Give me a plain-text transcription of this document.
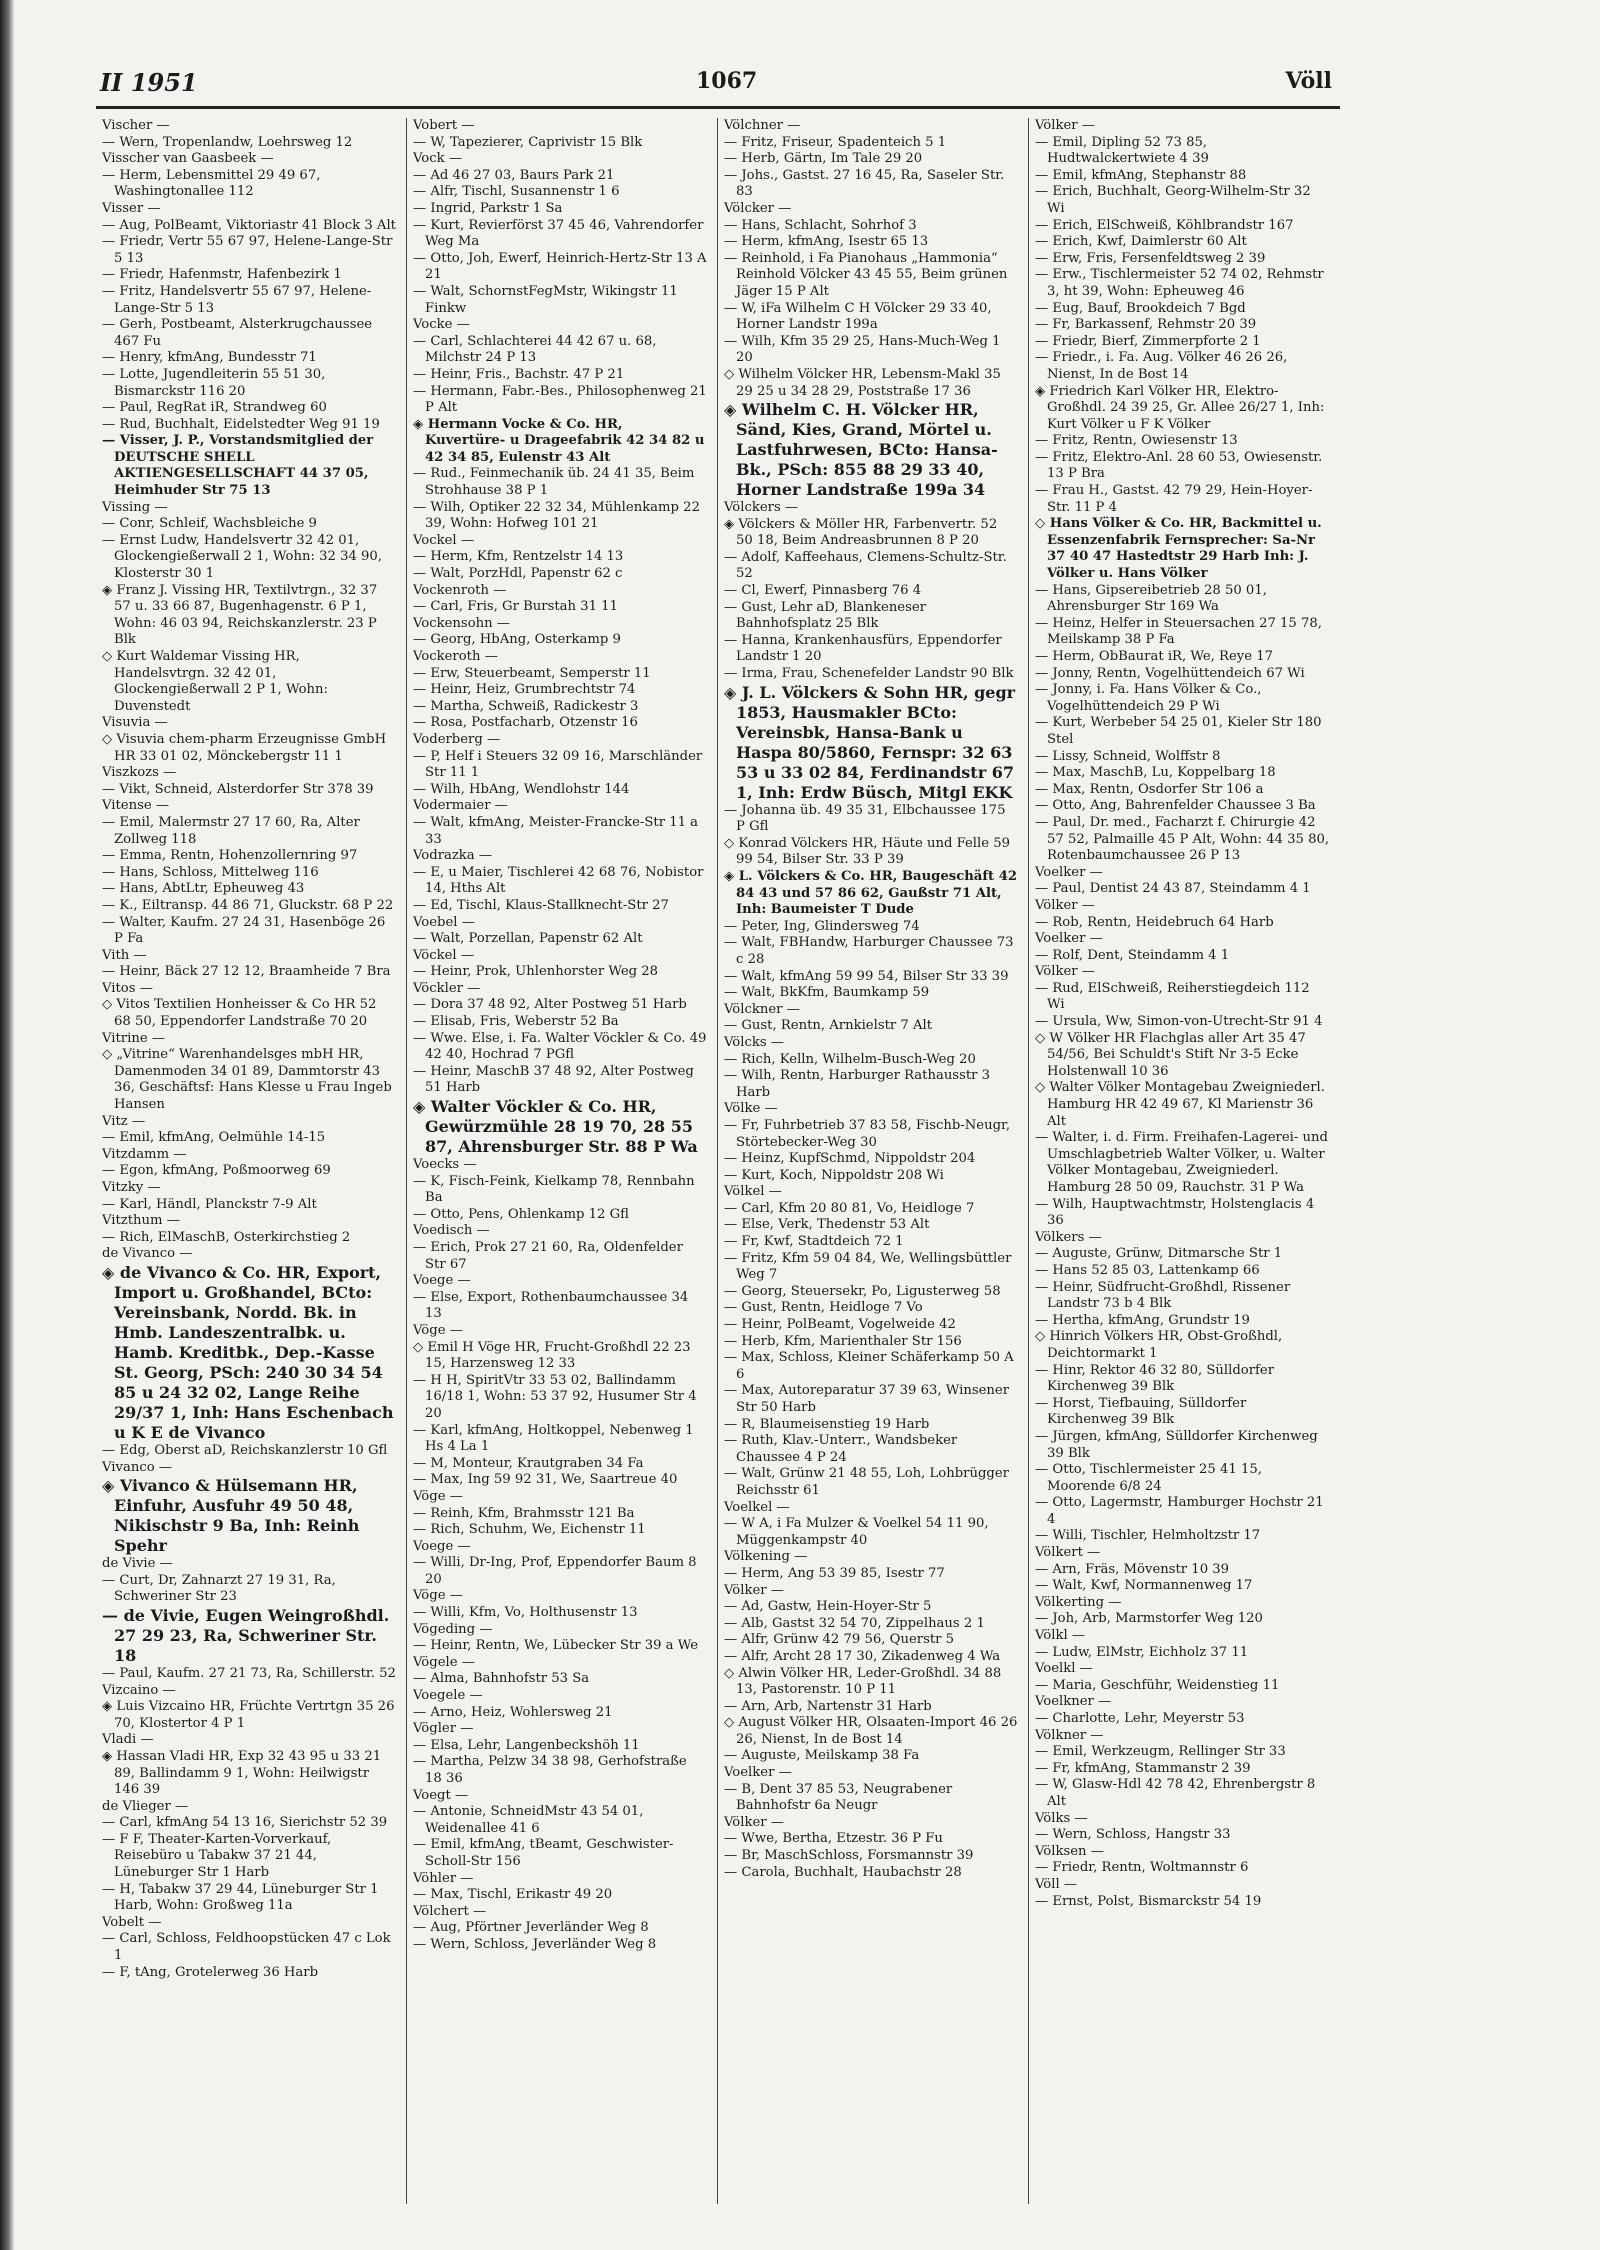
II 1951	1067	Völl

Vischer —

— Wern, Tropenlandw, Loehrsweg 12

Visscher van Gaasbeek —

— Herm, Lebensmittel 29 49 67, Washingtonallee 112

Visser —

— Aug, PolBeamt, Viktoriastr 41 Block 3 Alt

— Friedr, Vertr 55 67 97, Helene-Lange-Str 5 13

— Friedr, Hafenmstr, Hafenbezirk 1

— Fritz, Handelsvertr 55 67 97, Helene-Lange-Str 5 13

— Gerh, Postbeamt, Alsterkrugchaussee 467 Fu

— Henry, kfmAng, Bundesstr 71

— Lotte, Jugendleiterin 55 51 30, Bismarckstr 116 20

— Paul, RegRat iR, Strandweg 60

— Rud, Buchhalt, Eidelstedter Weg 91 19

— Visser, J. P., Vorstandsmitglied der DEUTSCHE SHELL AKTIENGESELLSCHAFT 44 37 05, Heimhuder Str 75 13

Vissing —

— Conr, Schleif, Wachsbleiche 9

— Ernst Ludw, Handelsvertr 32 42 01, Glockengießerwall 2 1, Wohn: 32 34 90, Klosterstr 30 1

◈ Franz J. Vissing HR, Textilvtrgn., 32 37 57 u. 33 66 87, Bugenhagenstr. 6 P 1, Wohn: 46 03 94, Reichskanzlerstr. 23 P Blk

◇ Kurt Waldemar Vissing HR, Handelsvtrgn. 32 42 01, Glockengießerwall 2 P 1, Wohn: Duvenstedt

Visuvia —

◇ Visuvia chem-pharm Erzeugnisse GmbH HR 33 01 02, Mönckebergstr 11 1

Viszkozs —

— Vikt, Schneid, Alsterdorfer Str 378 39

Vitense —

— Emil, Malermstr 27 17 60, Ra, Alter Zollweg 118

— Emma, Rentn, Hohenzollernring 97

— Hans, Schloss, Mittelweg 116

— Hans, AbtLtr, Epheuweg 43

— K., Eiltransp. 44 86 71, Gluckstr. 68 P 22

— Walter, Kaufm. 27 24 31, Hasenböge 26 P Fa

Vith —

— Heinr, Bäck 27 12 12, Braamheide 7 Bra

Vitos —

◇ Vitos Textilien Honheisser & Co HR 52 68 50, Eppendorfer Landstraße 70 20

Vitrine —

◇ „Vitrine“ Warenhandelsges mbH HR, Damenmoden 34 01 89, Dammtorstr 43 36, Geschäftsf: Hans Klesse u Frau Ingeb Hansen

Vitz —

— Emil, kfmAng, Oelmühle 14-15

Vitzdamm —

— Egon, kfmAng, Poßmoorweg 69

Vitzky —

— Karl, Händl, Planckstr 7-9 Alt

Vitzthum —

— Rich, ElMaschB, Osterkirchstieg 2

de Vivanco —

◈ de Vivanco & Co. HR, Export, Import u. Großhandel, BCto: Vereinsbank, Nordd. Bk. in Hmb. Landeszentralbk. u. Hamb. Kreditbk., Dep.-Kasse St. Georg, PSch: 240 30 34 54 85 u 24 32 02, Lange Reihe 29/37 1, Inh: Hans Eschenbach u K E de Vivanco

— Edg, Oberst aD, Reichskanzlerstr 10 Gfl

Vivanco —

◈ Vivanco & Hülsemann HR, Einfuhr, Ausfuhr 49 50 48, Nikischstr 9 Ba, Inh: Reinh Spehr

de Vivie —

— Curt, Dr, Zahnarzt 27 19 31, Ra, Schweriner Str 23

— de Vivie, Eugen Weingroßhdl. 27 29 23, Ra, Schweriner Str. 18

— Paul, Kaufm. 27 21 73, Ra, Schillerstr. 52

Vizcaino —

◈ Luis Vizcaino HR, Früchte Vertrtgn 35 26 70, Klostertor 4 P 1

Vladi —

◈ Hassan Vladi HR, Exp 32 43 95 u 33 21 89, Ballindamm 9 1, Wohn: Heilwigstr 146 39

de Vlieger —

— Carl, kfmAng 54 13 16, Sierichstr 52 39

— F F, Theater-Karten-Vorverkauf, Reisebüro u Tabakw 37 21 44, Lüneburger Str 1 Harb

— H, Tabakw 37 29 44, Lüneburger Str 1 Harb, Wohn: Großweg 11a

Vobelt —

— Carl, Schloss, Feldhoopstücken 47 c Lok 1

— F, tAng, Grotelerweg 36 Harb

Vobert —

— W, Tapezierer, Caprivistr 15 Blk

Vock —

— Ad 46 27 03, Baurs Park 21

— Alfr, Tischl, Susannenstr 1 6

— Ingrid, Parkstr 1 Sa

— Kurt, Revierförst 37 45 46, Vahrendorfer Weg Ma

— Otto, Joh, Ewerf, Heinrich-Hertz-Str 13 A 21

— Walt, SchornstFegMstr, Wikingstr 11 Finkw

Vocke —

— Carl, Schlachterei 44 42 67 u. 68, Milchstr 24 P 13

— Heinr, Fris., Bachstr. 47 P 21

— Hermann, Fabr.-Bes., Philosophenweg 21 P Alt

◈ Hermann Vocke & Co. HR, Kuvertüre- u Drageefabrik 42 34 82 u 42 34 85, Eulenstr 43 Alt

— Rud., Feinmechanik üb. 24 41 35, Beim Strohhause 38 P 1

— Wilh, Optiker 22 32 34, Mühlenkamp 22 39, Wohn: Hofweg 101 21

Vockel —

— Herm, Kfm, Rentzelstr 14 13

— Walt, PorzHdl, Papenstr 62 c

Vockenroth —

— Carl, Fris, Gr Burstah 31 11

Vockensohn —

— Georg, HbAng, Osterkamp 9

Vockeroth —

— Erw, Steuerbeamt, Semperstr 11

— Heinr, Heiz, Grumbrechtstr 74

— Martha, Schweiß, Radickestr 3

— Rosa, Postfacharb, Otzenstr 16

Voderberg —

— P, Helf i Steuers 32 09 16, Marschländer Str 11 1

— Wilh, HbAng, Wendlohstr 144

Vodermaier —

— Walt, kfmAng, Meister-Francke-Str 11 a 33

Vodrazka —

— E, u Maier, Tischlerei 42 68 76, Nobistor 14, Hths Alt

— Ed, Tischl, Klaus-Stallknecht-Str 27

Voebel —

— Walt, Porzellan, Papenstr 62 Alt

Vöckel —

— Heinr, Prok, Uhlenhorster Weg 28

Vöckler —

— Dora 37 48 92, Alter Postweg 51 Harb

— Elisab, Fris, Weberstr 52 Ba

— Wwe. Else, i. Fa. Walter Vöckler & Co. 49 42 40, Hochrad 7 PGfl

— Heinr, MaschB 37 48 92, Alter Postweg 51 Harb

◈ Walter Vöckler & Co. HR, Gewürzmühle 28 19 70, 28 55 87, Ahrensburger Str. 88 P Wa

Voecks —

— K, Fisch-Feink, Kielkamp 78, Rennbahn Ba

— Otto, Pens, Ohlenkamp 12 Gfl

Voedisch —

— Erich, Prok 27 21 60, Ra, Oldenfelder Str 67

Voege —

— Else, Export, Rothenbaumchaussee 34 13

Vöge —

◇ Emil H Vöge HR, Frucht-Großhdl 22 23 15, Harzensweg 12 33

— H H, SpiritVtr 33 53 02, Ballindamm 16/18 1, Wohn: 53 37 92, Husumer Str 4 20

— Karl, kfmAng, Holtkoppel, Nebenweg 1 Hs 4 La 1

— M, Monteur, Krautgraben 34 Fa

— Max, Ing 59 92 31, We, Saartreue 40

Vöge —

— Reinh, Kfm, Brahmsstr 121 Ba

— Rich, Schuhm, We, Eichenstr 11

Voege —

— Willi, Dr-Ing, Prof, Eppendorfer Baum 8 20

Vöge —

— Willi, Kfm, Vo, Holthusenstr 13

Vögeding —

— Heinr, Rentn, We, Lübecker Str 39 a We

Vögele —

— Alma, Bahnhofstr 53 Sa

Voegele —

— Arno, Heiz, Wohlersweg 21

Vögler —

— Elsa, Lehr, Langenbeckshöh 11

— Martha, Pelzw 34 38 98, Gerhofstraße 18 36

Voegt —

— Antonie, SchneidMstr 43 54 01, Weidenallee 41 6

— Emil, kfmAng, tBeamt, Geschwister-Scholl-Str 156

Vöhler —

— Max, Tischl, Erikastr 49 20

Völchert —

— Aug, Pförtner Jeverländer Weg 8

— Wern, Schloss, Jeverländer Weg 8

Völchner —

— Fritz, Friseur, Spadenteich 5 1

— Herb, Gärtn, Im Tale 29 20

— Johs., Gastst. 27 16 45, Ra, Saseler Str. 83

Völcker —

— Hans, Schlacht, Sohrhof 3

— Herm, kfmAng, Isestr 65 13

— Reinhold, i Fa Pianohaus „Hammonia“ Reinhold Völcker 43 45 55, Beim grünen Jäger 15 P Alt

— W, iFa Wilhelm C H Völcker 29 33 40, Horner Landstr 199a

— Wilh, Kfm 35 29 25, Hans-Much-Weg 1 20

◇ Wilhelm Völcker HR, Lebensm-Makl 35 29 25 u 34 28 29, Poststraße 17 36

◈ Wilhelm C. H. Völcker HR, Sänd, Kies, Grand, Mörtel u. Lastfuhrwesen, BCto: Hansa-Bk., PSch: 855 88 29 33 40, Horner Landstraße 199a 34

Völckers —

◈ Völckers & Möller HR, Farbenvertr. 52 50 18, Beim Andreasbrunnen 8 P 20

— Adolf, Kaffeehaus, Clemens-Schultz-Str. 52

— Cl, Ewerf, Pinnasberg 76 4

— Gust, Lehr aD, Blankeneser Bahnhofsplatz 25 Blk

— Hanna, Krankenhausfürs, Eppendorfer Landstr 1 20

— Irma, Frau, Schenefelder Landstr 90 Blk

◈ J. L. Völckers & Sohn HR, gegr 1853, Hausmakler BCto: Vereinsbk, Hansa-Bank u Haspa 80/5860, Fernspr: 32 63 53 u 33 02 84, Ferdinandstr 67 1, Inh: Erdw Büsch, Mitgl EKK

— Johanna üb. 49 35 31, Elbchaussee 175 P Gfl

◇ Konrad Völckers HR, Häute und Felle 59 99 54, Bilser Str. 33 P 39

◈ L. Völckers & Co. HR, Baugeschäft 42 84 43 und 57 86 62, Gaußstr 71 Alt, Inh: Baumeister T Dude

— Peter, Ing, Glindersweg 74

— Walt, FBHandw, Harburger Chaussee 73 c 28

— Walt, kfmAng 59 99 54, Bilser Str 33 39

— Walt, BkKfm, Baumkamp 59

Völckner —

— Gust, Rentn, Arnkielstr 7 Alt

Völcks —

— Rich, Kelln, Wilhelm-Busch-Weg 20

— Wilh, Rentn, Harburger Rathausstr 3 Harb

Völke —

— Fr, Fuhrbetrieb 37 83 58, Fischb-Neugr, Störtebecker-Weg 30

— Heinz, KupfSchmd, Nippoldstr 204

— Kurt, Koch, Nippoldstr 208 Wi

Völkel —

— Carl, Kfm 20 80 81, Vo, Heidloge 7

— Else, Verk, Thedenstr 53 Alt

— Fr, Kwf, Stadtdeich 72 1

— Fritz, Kfm 59 04 84, We, Wellingsbüttler Weg 7

— Georg, Steuersekr, Po, Ligusterweg 58

— Gust, Rentn, Heidloge 7 Vo

— Heinr, PolBeamt, Vogelweide 42

— Herb, Kfm, Marienthaler Str 156

— Max, Schloss, Kleiner Schäferkamp 50 A 6

— Max, Autoreparatur 37 39 63, Winsener Str 50 Harb

— R, Blaumeisenstieg 19 Harb

— Ruth, Klav.-Unterr., Wandsbeker Chaussee 4 P 24

— Walt, Grünw 21 48 55, Loh, Lohbrügger Reichsstr 61

Voelkel —

— W A, i Fa Mulzer & Voelkel 54 11 90, Müggenkampstr 40

Völkening —

— Herm, Ang 53 39 85, Isestr 77

Völker —

— Ad, Gastw, Hein-Hoyer-Str 5

— Alb, Gastst 32 54 70, Zippelhaus 2 1

— Alfr, Grünw 42 79 56, Querstr 5

— Alfr, Archt 28 17 30, Zikadenweg 4 Wa

◇ Alwin Völker HR, Leder-Großhdl. 34 88 13, Pastorenstr. 10 P 11

— Arn, Arb, Nartenstr 31 Harb

◇ August Völker HR, Olsaaten-Import 46 26 26, Nienst, In de Bost 14

— Auguste, Meilskamp 38 Fa

Voelker —

— B, Dent 37 85 53, Neugrabener Bahnhofstr 6a Neugr

Völker —

— Wwe, Bertha, Etzestr. 36 P Fu

— Br, MaschSchloss, Forsmannstr 39

— Carola, Buchhalt, Haubachstr 28

Völker —

— Emil, Dipling 52 73 85, Hudtwalckertwiete 4 39

— Emil, kfmAng, Stephanstr 88

— Erich, Buchhalt, Georg-Wilhelm-Str 32 Wi

— Erich, ElSchweiß, Köhlbrandstr 167

— Erich, Kwf, Daimlerstr 60 Alt

— Erw, Fris, Fersenfeldtsweg 2 39

— Erw., Tischlermeister 52 74 02, Rehmstr 3, ht 39, Wohn: Epheuweg 46

— Eug, Bauf, Brookdeich 7 Bgd

— Fr, Barkassenf, Rehmstr 20 39

— Friedr, Bierf, Zimmerpforte 2 1

— Friedr., i. Fa. Aug. Völker 46 26 26, Nienst, In de Bost 14

◈ Friedrich Karl Völker HR, Elektro-Großhdl. 24 39 25, Gr. Allee 26/27 1, Inh: Kurt Völker u F K Völker

— Fritz, Rentn, Owiesenstr 13

— Fritz, Elektro-Anl. 28 60 53, Owiesenstr. 13 P Bra

— Frau H., Gastst. 42 79 29, Hein-Hoyer-Str. 11 P 4

◇ Hans Völker & Co. HR, Backmittel u. Essenzenfabrik Fernsprecher: Sa-Nr 37 40 47 Hastedtstr 29 Harb Inh: J. Völker u. Hans Völker

— Hans, Gipsereibetrieb 28 50 01, Ahrensburger Str 169 Wa

— Heinz, Helfer in Steuersachen 27 15 78, Meilskamp 38 P Fa

— Herm, ObBaurat iR, We, Reye 17

— Jonny, Rentn, Vogelhüttendeich 67 Wi

— Jonny, i. Fa. Hans Völker & Co., Vogelhüttendeich 29 P Wi

— Kurt, Werbeber 54 25 01, Kieler Str 180 Stel

— Lissy, Schneid, Wolffstr 8

— Max, MaschB, Lu, Koppelbarg 18

— Max, Rentn, Osdorfer Str 106 a

— Otto, Ang, Bahrenfelder Chaussee 3 Ba

— Paul, Dr. med., Facharzt f. Chirurgie 42 57 52, Palmaille 45 P Alt, Wohn: 44 35 80, Rotenbaumchaussee 26 P 13

Voelker —

— Paul, Dentist 24 43 87, Steindamm 4 1

Völker —

— Rob, Rentn, Heidebruch 64 Harb

Voelker —

— Rolf, Dent, Steindamm 4 1

Völker —

— Rud, ElSchweiß, Reiherstiegdeich 112 Wi

— Ursula, Ww, Simon-von-Utrecht-Str 91 4

◇ W Völker HR Flachglas aller Art 35 47 54/56, Bei Schuldt's Stift Nr 3-5 Ecke Holstenwall 10 36

◇ Walter Völker Montagebau Zweigniederl. Hamburg HR 42 49 67, Kl Marienstr 36 Alt

— Walter, i. d. Firm. Freihafen-Lagerei- und Umschlagbetrieb Walter Völker, u. Walter Völker Montagebau, Zweigniederl. Hamburg 28 50 09, Rauchstr. 31 P Wa

— Wilh, Hauptwachtmstr, Holstenglacis 4 36

Völkers —

— Auguste, Grünw, Ditmarsche Str 1

— Hans 52 85 03, Lattenkamp 66

— Heinr, Südfrucht-Großhdl, Rissener Landstr 73 b 4 Blk

— Hertha, kfmAng, Grundstr 19

◇ Hinrich Völkers HR, Obst-Großhdl, Deichtormarkt 1

— Hinr, Rektor 46 32 80, Sülldorfer Kirchenweg 39 Blk

— Horst, Tiefbauing, Sülldorfer Kirchenweg 39 Blk

— Jürgen, kfmAng, Sülldorfer Kirchenweg 39 Blk

— Otto, Tischlermeister 25 41 15, Moorende 6/8 24

— Otto, Lagermstr, Hamburger Hochstr 21 4

— Willi, Tischler, Helmholtzstr 17

Völkert —

— Arn, Fräs, Mövenstr 10 39

— Walt, Kwf, Normannenweg 17

Völkerting —

— Joh, Arb, Marmstorfer Weg 120

Völkl —

— Ludw, ElMstr, Eichholz 37 11

Voelkl —

— Maria, Geschführ, Weidenstieg 11

Voelkner —

— Charlotte, Lehr, Meyerstr 53

Völkner —

— Emil, Werkzeugm, Rellinger Str 33

— Fr, kfmAng, Stammanstr 2 39

— W, Glasw-Hdl 42 78 42, Ehrenbergstr 8 Alt

Völks —

— Wern, Schloss, Hangstr 33

Völksen —

— Friedr, Rentn, Woltmannstr 6

Völl —

— Ernst, Polst, Bismarckstr 54 19
